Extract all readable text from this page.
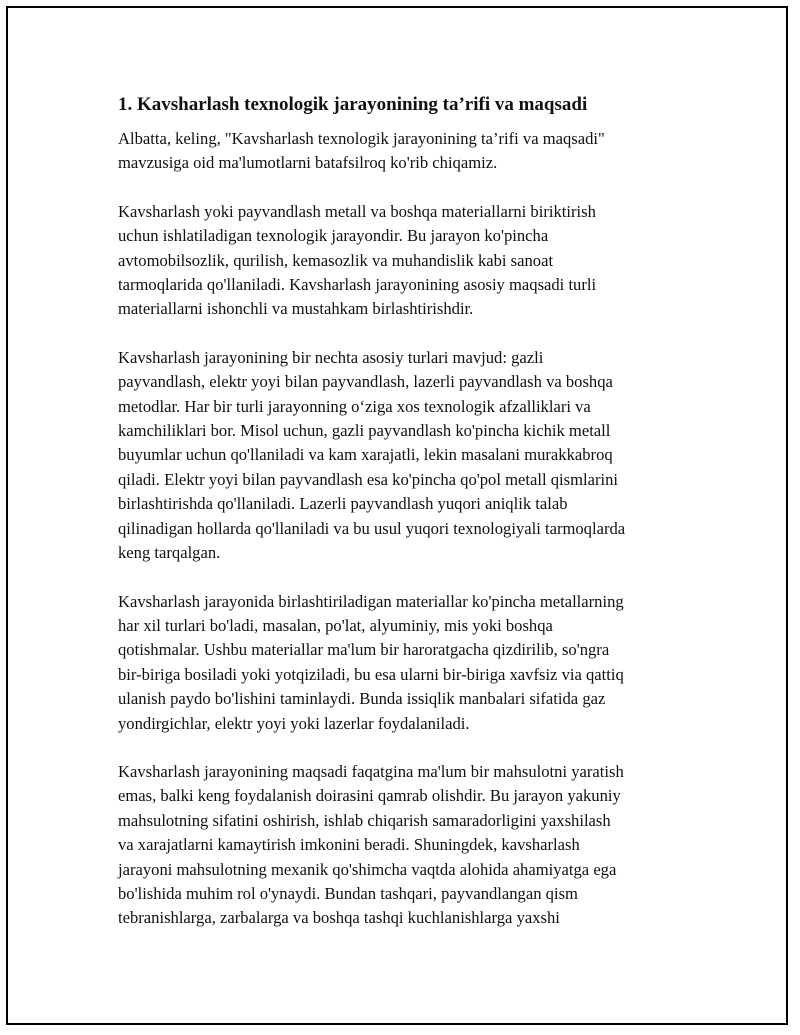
1. Kavsharlash texnologik jarayonining ta’rifi va maqsadi

Albatta, keling, "Kavsharlash texnologik jarayonining ta’rifi va maqsadi"
mavzusiga oid ma'lumotlarni batafsilroq ko'rib chiqamiz.

Kavsharlash yoki payvandlash metall va boshqa materiallarni biriktirish
uchun ishlatiladigan texnologik jarayondir. Bu jarayon ko'pincha
avtomobilsozlik, qurilish, kemasozlik va muhandislik kabi sanoat
tarmoqlarida qo'llaniladi. Kavsharlash jarayonining asosiy maqsadi turli
materiallarni ishonchli va mustahkam birlashtirishdir.

Kavsharlash jarayonining bir nechta asosiy turlari mavjud: gazli
payvandlash, elektr yoyi bilan payvandlash, lazerli payvandlash va boshqa
metodlar. Har bir turli jarayonning o‘ziga xos texnologik afzalliklari va
kamchiliklari bor. Misol uchun, gazli payvandlash ko'pincha kichik metall
buyumlar uchun qo'llaniladi va kam xarajatli, lekin masalani murakkabroq
qiladi. Elektr yoyi bilan payvandlash esa ko'pincha qo'pol metall qismlarini
birlashtirishda qo'llaniladi. Lazerli payvandlash yuqori aniqlik talab
qilinadigan hollarda qo'llaniladi va bu usul yuqori texnologiyali tarmoqlarda
keng tarqalgan.

Kavsharlash jarayonida birlashtiriladigan materiallar ko'pincha metallarning
har xil turlari bo'ladi, masalan, po'lat, alyuminiy, mis yoki boshqa
qotishmalar. Ushbu materiallar ma'lum bir haroratgacha qizdirilib, so'ngra
bir-biriga bosiladi yoki yotqiziladi, bu esa ularni bir-biriga xavfsiz via qattiq
ulanish paydo bo'lishini taminlaydi. Bunda issiqlik manbalari sifatida gaz
yondirgichlar, elektr yoyi yoki lazerlar foydalaniladi.

Kavsharlash jarayonining maqsadi faqatgina ma'lum bir mahsulotni yaratish
emas, balki keng foydalanish doirasini qamrab olishdir. Bu jarayon yakuniy
mahsulotning sifatini oshirish, ishlab chiqarish samaradorligini yaxshilash
va xarajatlarni kamaytirish imkonini beradi. Shuningdek, kavsharlash
jarayoni mahsulotning mexanik qo'shimcha vaqtda alohida ahamiyatga ega
bo'lishida muhim rol o'ynaydi. Bundan tashqari, payvandlangan qism
tebranishlarga, zarbalarga va boshqa tashqi kuchlanishlarga yaxshi
